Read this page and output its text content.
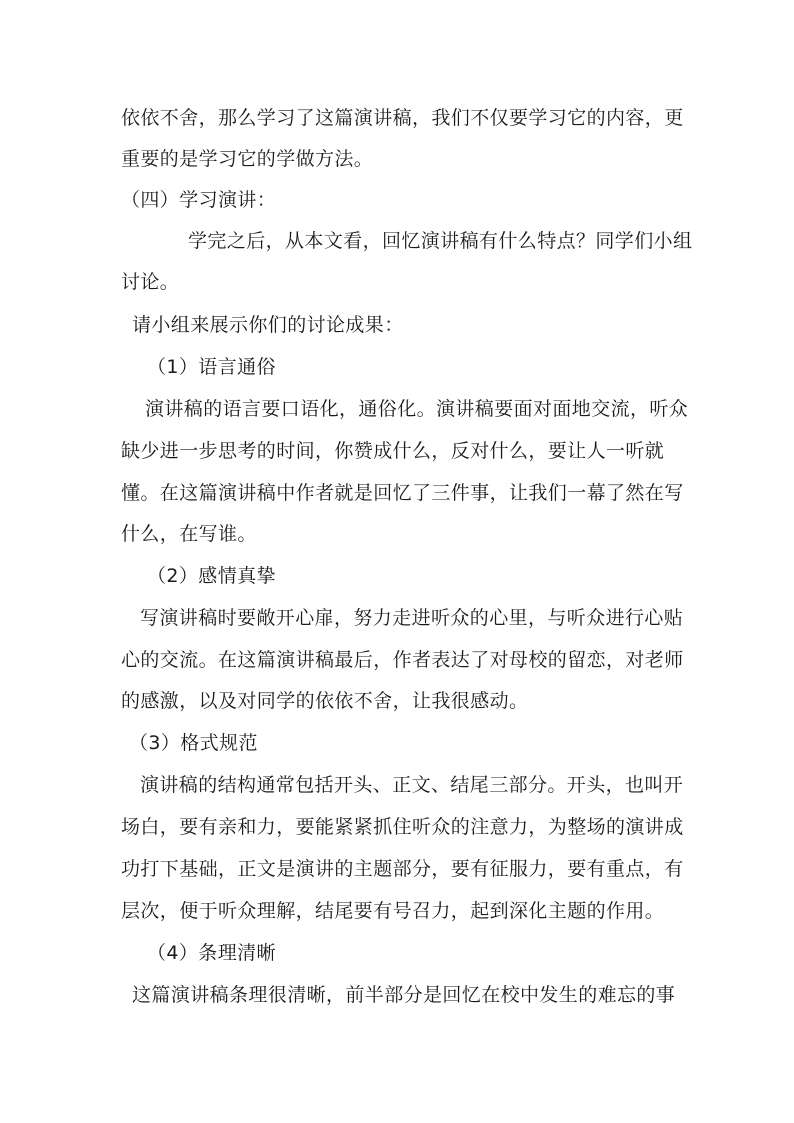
依依不舍，那么学习了这篇演讲稿，我们不仅要学习它的内容，更
重要的是学习它的学做方法。
（四）学习演讲：
学完之后，从本文看，回忆演讲稿有什么特点？同学们小组
讨论。
请小组来展示你们的讨论成果：
（1）语言通俗
演讲稿的语言要口语化，通俗化。演讲稿要面对面地交流，听众
缺少进一步思考的时间，你赞成什么，反对什么，要让人一听就
懂。在这篇演讲稿中作者就是回忆了三件事，让我们一幕了然在写
什么，在写谁。
（2）感情真挚
写演讲稿时要敞开心扉，努力走进听众的心里，与听众进行心贴
心的交流。在这篇演讲稿最后，作者表达了对母校的留恋，对老师
的感激，以及对同学的依依不舍，让我很感动。
（3）格式规范
演讲稿的结构通常包括开头、正文、结尾三部分。开头，也叫开
场白，要有亲和力，要能紧紧抓住听众的注意力，为整场的演讲成
功打下基础，正文是演讲的主题部分，要有征服力，要有重点，有
层次，便于听众理解，结尾要有号召力，起到深化主题的作用。
（4）条理清晰
这篇演讲稿条理很清晰，前半部分是回忆在校中发生的难忘的事
